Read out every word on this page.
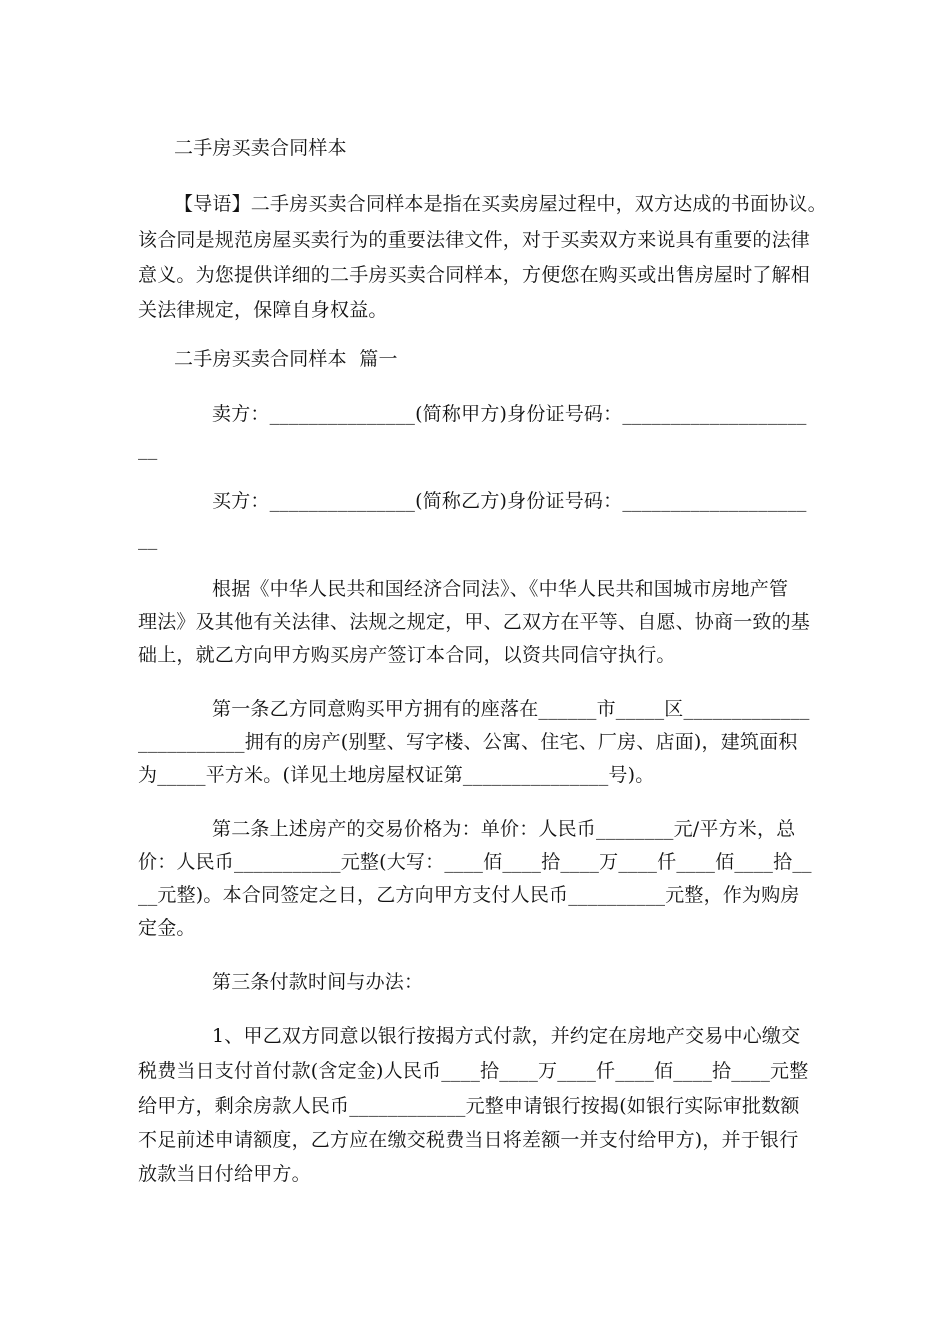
二手房买卖合同样本
【导语】二手房买卖合同样本是指在买卖房屋过程中，双方达成的书面协议。
该合同是规范房屋买卖行为的重要法律文件，对于买卖双方来说具有重要的法律
意义。为您提供详细的二手房买卖合同样本，方便您在购买或出售房屋时了解相
关法律规定，保障自身权益。
二手房买卖合同样本  篇一
卖方：_______________(简称甲方)身份证号码：___________________
__
买方：_______________(简称乙方)身份证号码：___________________
__
根据《中华人民共和国经济合同法》、《中华人民共和国城市房地产管
理法》及其他有关法律、法规之规定，甲、乙双方在平等、自愿、协商一致的基
础上，就乙方向甲方购买房产签订本合同，以资共同信守执行。
第一条乙方同意购买甲方拥有的座落在______市_____区_____________
___________拥有的房产(别墅、写字楼、公寓、住宅、厂房、店面)，建筑面积
为_____平方米。(详见土地房屋权证第_______________号)。
第二条上述房产的交易价格为：单价：人民币________元/平方米，总
价：人民币___________元整(大写：____佰____拾____万____仟____佰____拾__
__元整)。本合同签定之日，乙方向甲方支付人民币__________元整，作为购房
定金。
第三条付款时间与办法：
1、甲乙双方同意以银行按揭方式付款，并约定在房地产交易中心缴交
税费当日支付首付款(含定金)人民币____拾____万____仟____佰____拾____元整
给甲方，剩余房款人民币____________元整申请银行按揭(如银行实际审批数额
不足前述申请额度，乙方应在缴交税费当日将差额一并支付给甲方)，并于银行
放款当日付给甲方。
